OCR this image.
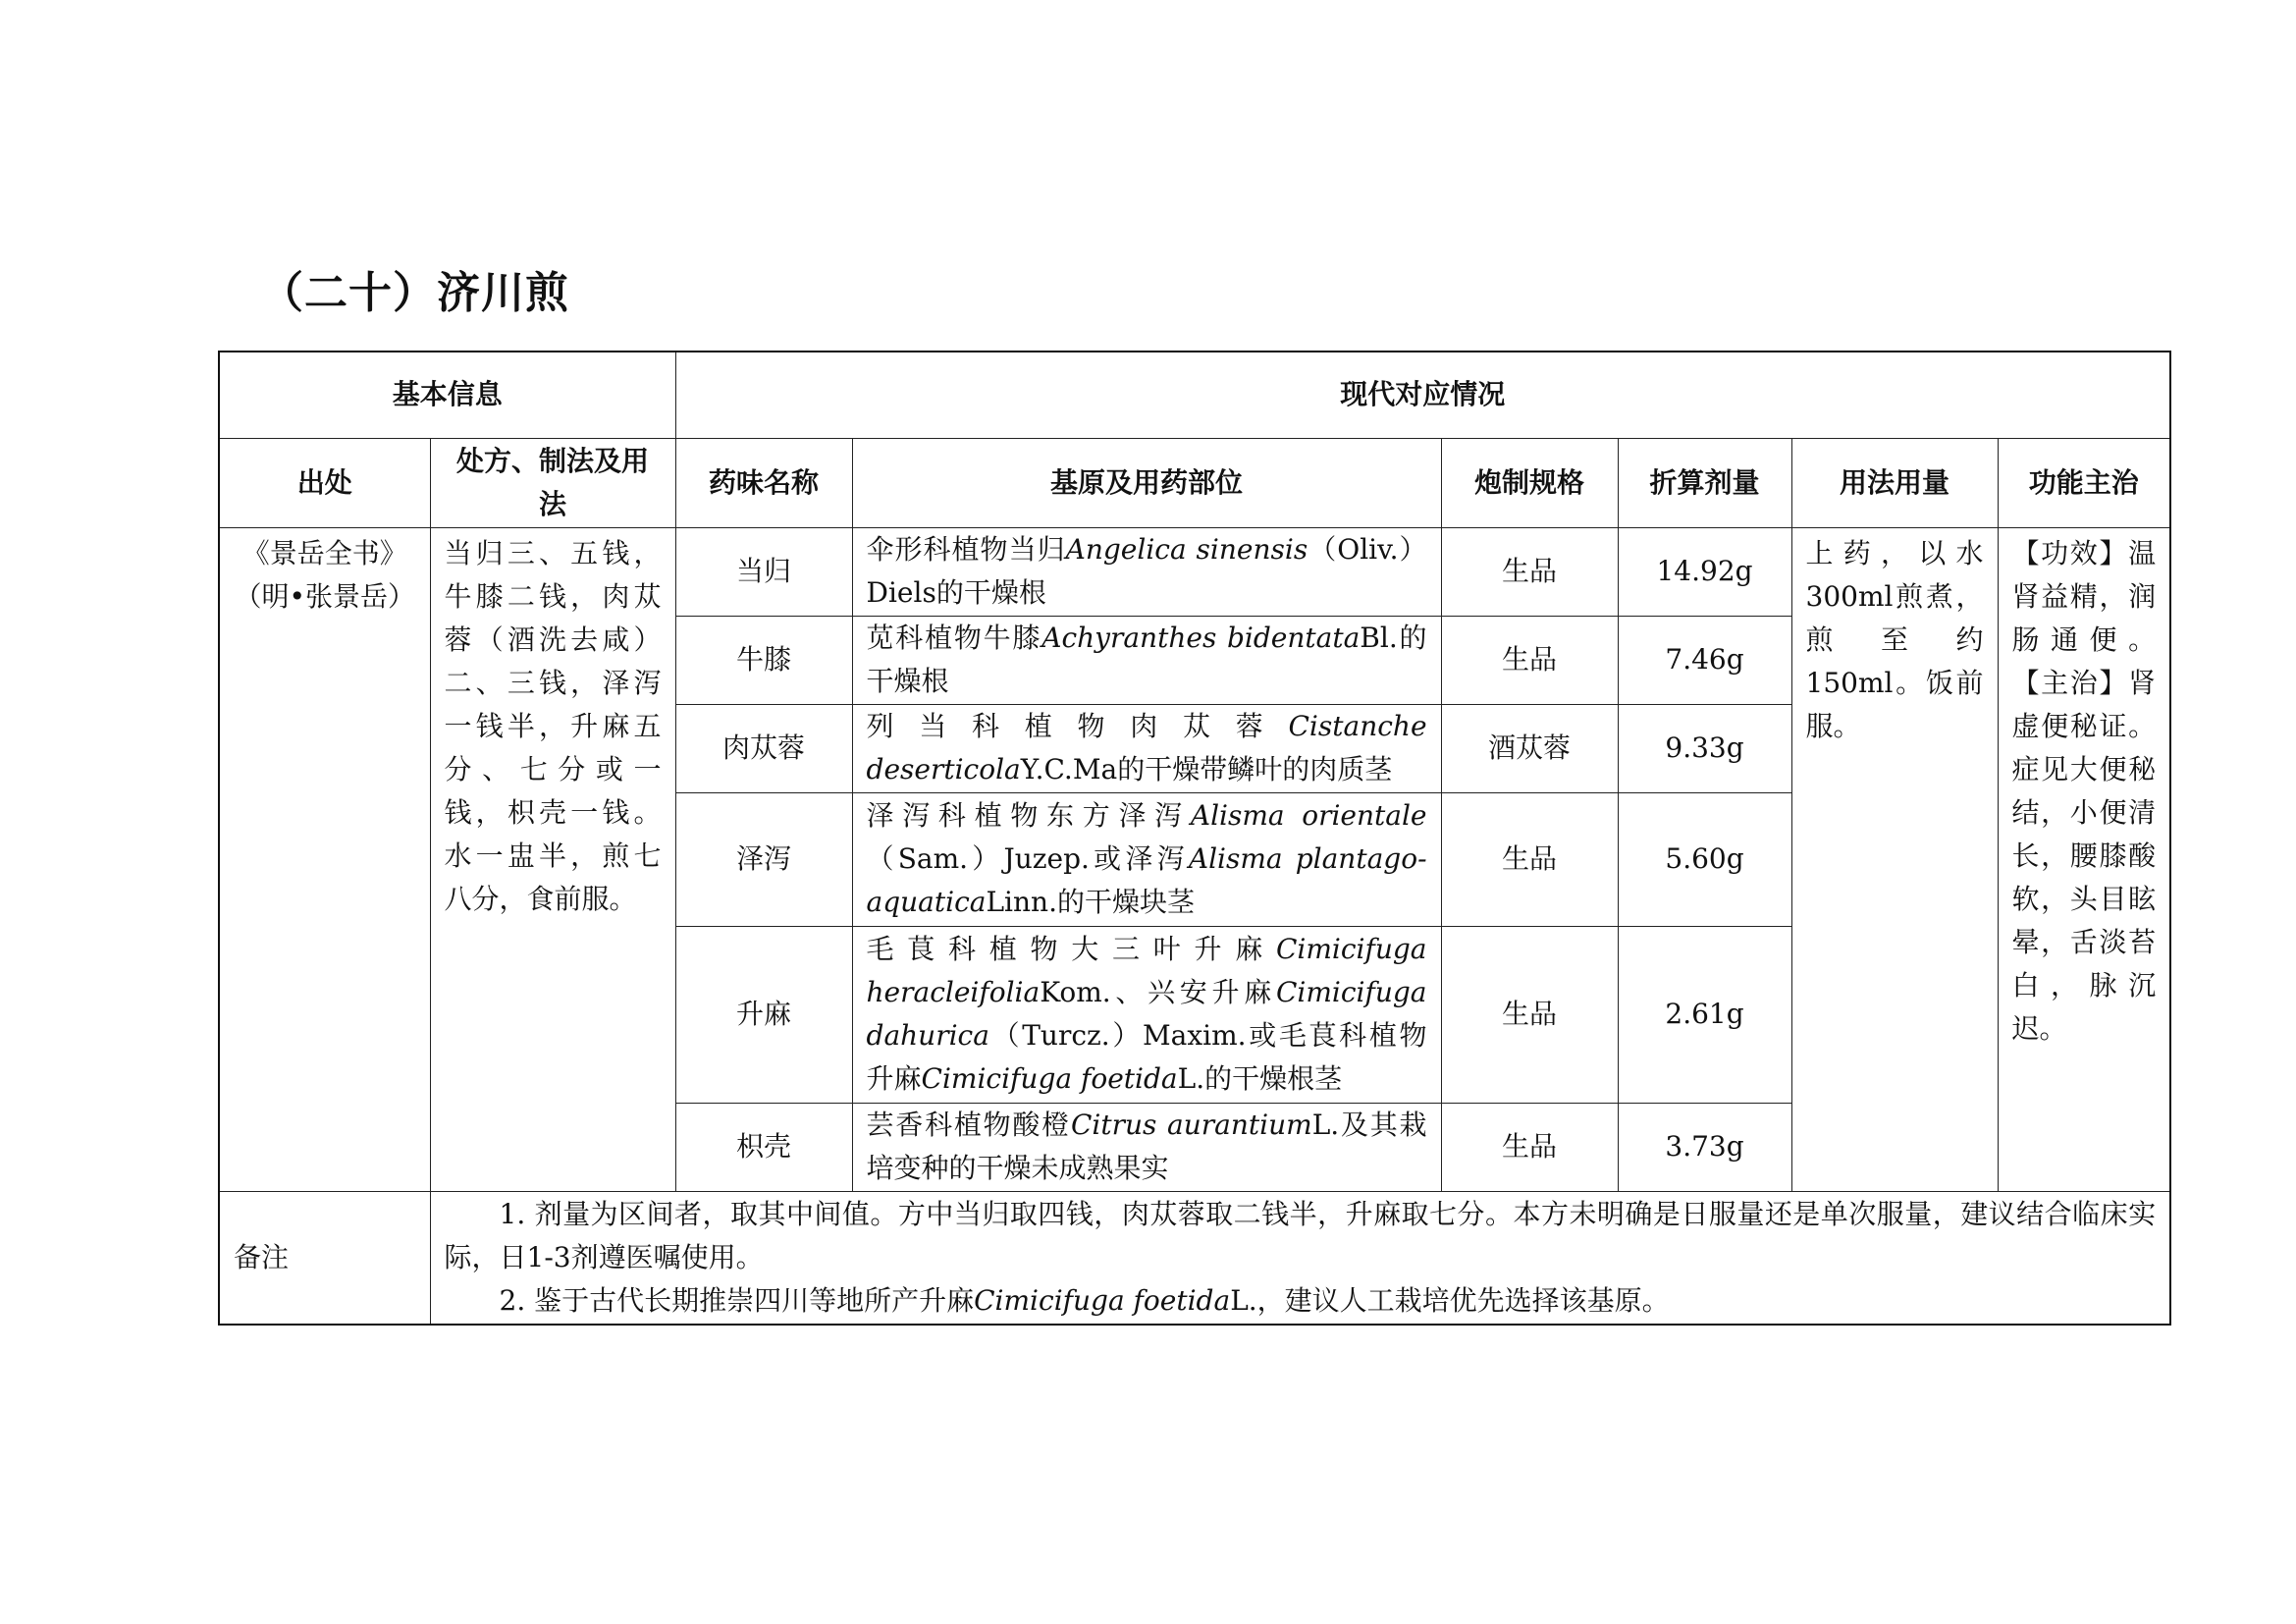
（二十）济川煎
基本信息		现代对应情况					
出处	处方、制法及用法	药味名称	基原及用药部位	炮制规格	折算剂量	用法用量	功能主治
《景岳全书》（明•张景岳）	当归三、五钱，牛膝二钱，肉苁蓉（酒洗去咸）二、三钱，泽泻一钱半，升麻五分、七分或一钱，枳壳一钱。水一盅半，煎七八分，食前服。	当归	伞形科植物当归Angelica sinensis（Oliv.）Diels的干燥根	生品	14.92g	上药，以水300ml煎煮，煎至约150ml。饭前服。	【功效】温肾益精，润肠通便。【主治】肾虚便秘证。症见大便秘结，小便清长，腰膝酸软，头目眩晕，舌淡苔白，脉沉迟。
		牛膝	苋科植物牛膝Achyranthes bidentataBl.的干燥根	生品	7.46g		
		肉苁蓉	列当科植物肉苁蓉Cistanche deserticolaY.C.Ma的干燥带鳞叶的肉质茎	酒苁蓉	9.33g		
		泽泻	泽泻科植物东方泽泻Alisma orientale（Sam.）Juzep.或泽泻Alisma plantago-aquaticaLinn.的干燥块茎	生品	5.60g		
		升麻	毛茛科植物大三叶升麻Cimicifuga heracleifoliaKom.、兴安升麻Cimicifuga dahurica（Turcz.）Maxim.或毛茛科植物升麻Cimicifuga foetidaL.的干燥根茎	生品	2.61g		
		枳壳	芸香科植物酸橙Citrus aurantiumL.及其栽培变种的干燥未成熟果实	生品	3.73g		
备注	1. 剂量为区间者，取其中间值。方中当归取四钱，肉苁蓉取二钱半，升麻取七分。本方未明确是日服量还是单次服量，建议结合临床实际，日1-3剂遵医嘱使用。

2. 鉴于古代长期推崇四川等地所产升麻Cimicifuga foetidaL.，建议人工栽培优先选择该基原。						
